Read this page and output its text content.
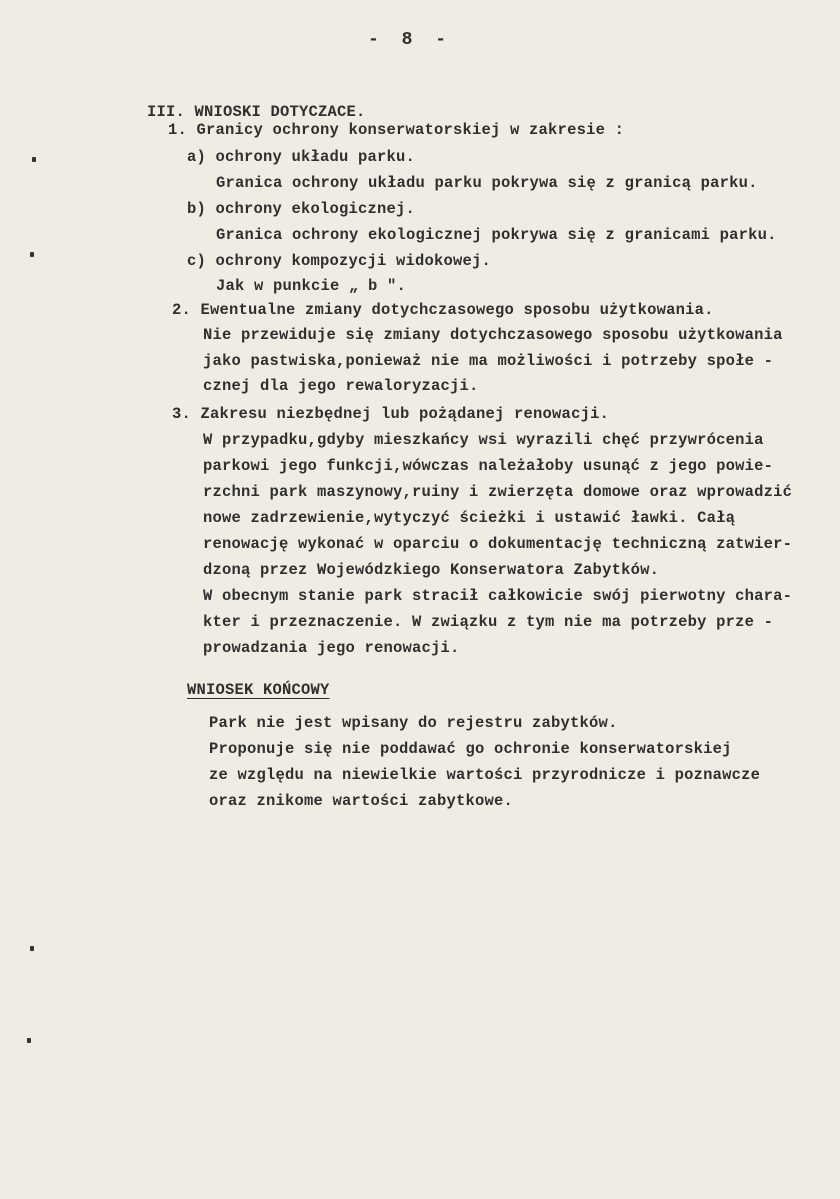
- 8 -
III. WNIOSKI DOTYCZACE.
1. Granicy ochrony konserwatorskiej w zakresie :
a) ochrony układu parku.
Granica ochrony układu parku pokrywa się z granicą parku.
b) ochrony ekologicznej.
Granica ochrony ekologicznej pokrywa się z granicami parku.
c) ochrony kompozycji widokowej.
Jak w punkcie „ b ".
2. Ewentualne zmiany dotychczasowego sposobu użytkowania.
Nie przewiduje się zmiany dotychczasowego sposobu użytkowania
jako pastwiska,ponieważ nie ma możliwości i potrzeby społe -
cznej dla jego rewaloryzacji.
3. Zakresu niezbędnej lub pożądanej renowacji.
W przypadku,gdyby mieszkańcy wsi wyrazili chęć przywrócenia
parkowi jego funkcji,wówczas należałoby usunąć z jego powie-
rzchni park maszynowy,ruiny i zwierzęta domowe oraz wprowadzić
nowe zadrzewienie,wytyczyć ścieżki i ustawić ławki. Całą
renowację wykonać w oparciu o dokumentację techniczną zatwier-
dzoną przez Wojewódzkiego Konserwatora Zabytków.
W obecnym stanie park stracił całkowicie swój pierwotny chara-
kter i przeznaczenie. W związku z tym nie ma potrzeby prze -
prowadzania jego renowacji.
WNIOSEK KOŃCOWY
Park nie jest wpisany do rejestru zabytków.
Proponuje się nie poddawać go ochronie konserwatorskiej
ze względu na niewielkie wartości przyrodnicze i poznawcze
oraz znikome wartości zabytkowe.
